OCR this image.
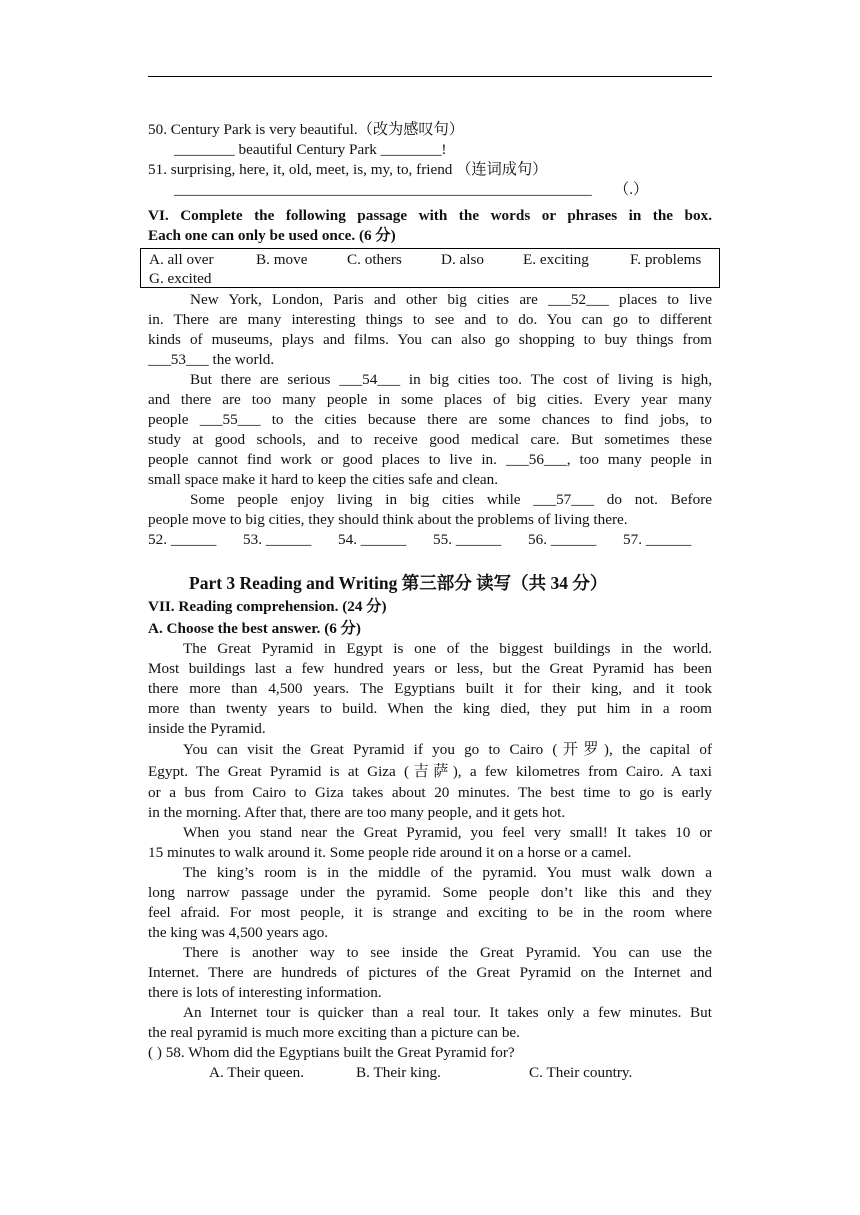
50. Century Park is very beautiful.（改为感叹句）
________ beautiful Century Park ________!
51. surprising, here, it, old, meet, is, my, to, friend （连词成句）
_______________________________________________________ （.）
VI. Complete the following passage with the words or phrases in the box.
Each one can only be used once. (6 分)
A. all over	B. move	C. others	D. also	E. exciting	F. problems
G. excited
New York, London, Paris and other big cities are ___52___ places to live
in. There are many interesting things to see and to do. You can go to different
kinds of museums, plays and films. You can also go shopping to buy things from
___53___ the world.
But there are serious ___54___ in big cities too. The cost of living is high,
and there are too many people in some places of big cities. Every year many
people ___55___ to the cities because there are some chances to find jobs, to
study at good schools, and to receive good medical care. But sometimes these
people cannot find work or good places to live in. ___56___, too many people in
small space make it hard to keep the cities safe and clean.
Some people enjoy living in big cities while ___57___ do not. Before
people move to big cities, they should think about the problems of living there.
52. ______ 53. ______ 54. ______ 55. ______ 56. ______ 57. ______
Part 3 Reading and Writing 第三部分 读写（共 34 分）
VII. Reading comprehension. (24 分)
A. Choose the best answer. (6 分)
The Great Pyramid in Egypt is one of the biggest buildings in the world.
Most buildings last a few hundred years or less, but the Great Pyramid has been
there more than 4,500 years. The Egyptians built it for their king, and it took
more than twenty years to build. When the king died, they put him in a room
inside the Pyramid.
You can visit the Great Pyramid if you go to Cairo (开罗), the capital of
Egypt. The Great Pyramid is at Giza (吉萨), a few kilometres from Cairo. A taxi
or a bus from Cairo to Giza takes about 20 minutes. The best time to go is early
in the morning. After that, there are too many people, and it gets hot.
When you stand near the Great Pyramid, you feel very small! It takes 10 or
15 minutes to walk around it. Some people ride around it on a horse or a camel.
The king’s room is in the middle of the pyramid. You must walk down a
long narrow passage under the pyramid. Some people don’t like this and they
feel afraid. For most people, it is strange and exciting to be in the room where
the king was 4,500 years ago.
There is another way to see inside the Great Pyramid. You can use the
Internet. There are hundreds of pictures of the Great Pyramid on the Internet and
there is lots of interesting information.
An Internet tour is quicker than a real tour. It takes only a few minutes. But
the real pyramid is much more exciting than a picture can be.
( ) 58. Whom did the Egyptians built the Great Pyramid for?
A. Their queen.	B. Their king.	C. Their country.
